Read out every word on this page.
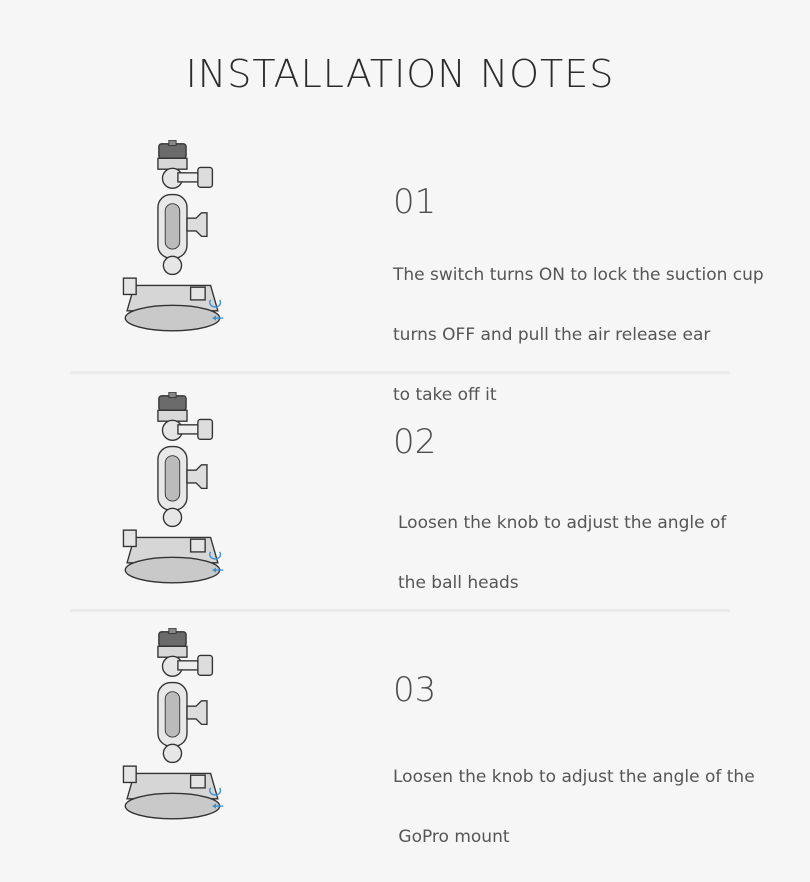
INSTALLATION NOTES
01

The switch turns ON to lock the suction cup

turns OFF and pull the air release ear

to take off it

02

Loosen the knob to adjust the angle of

the ball heads

03

Loosen the knob to adjust the angle of the

GoPro mount
